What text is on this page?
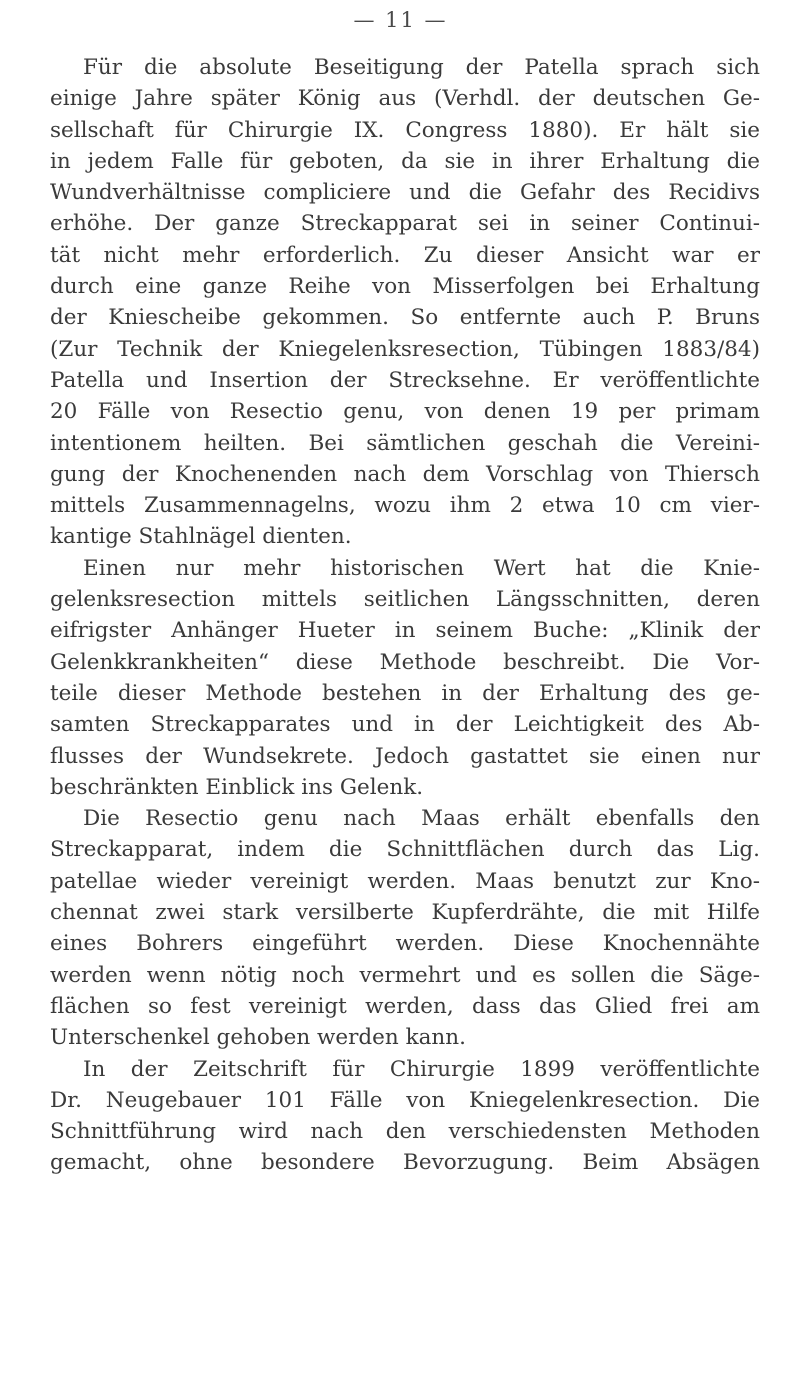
— 11 —
Für die absolute Beseitigung der Patella sprach sich
einige Jahre später König aus (Verhdl. der deutschen Ge-
sellschaft für Chirurgie IX. Congress 1880). Er hält sie
in jedem Falle für geboten, da sie in ihrer Erhaltung die
Wundverhältnisse compliciere und die Gefahr des Recidivs
erhöhe. Der ganze Streckapparat sei in seiner Continui-
tät nicht mehr erforderlich. Zu dieser Ansicht war er
durch eine ganze Reihe von Misserfolgen bei Erhaltung
der Kniescheibe gekommen. So entfernte auch P. Bruns
(Zur Technik der Kniegelenksresection, Tübingen 1883/84)
Patella und Insertion der Strecksehne. Er veröffentlichte
20 Fälle von Resectio genu, von denen 19 per primam
intentionem heilten. Bei sämtlichen geschah die Vereini-
gung der Knochenenden nach dem Vorschlag von Thiersch
mittels Zusammennagelns, wozu ihm 2 etwa 10 cm vier-
kantige Stahlnägel dienten.
Einen nur mehr historischen Wert hat die Knie-
gelenksresection mittels seitlichen Längsschnitten, deren
eifrigster Anhänger Hueter in seinem Buche: „Klinik der
Gelenkkrankheiten“ diese Methode beschreibt. Die Vor-
teile dieser Methode bestehen in der Erhaltung des ge-
samten Streckapparates und in der Leichtigkeit des Ab-
flusses der Wundsekrete. Jedoch gastattet sie einen nur
beschränkten Einblick ins Gelenk.
Die Resectio genu nach Maas erhält ebenfalls den
Streckapparat, indem die Schnittflächen durch das Lig.
patellae wieder vereinigt werden. Maas benutzt zur Kno-
chennat zwei stark versilberte Kupferdrähte, die mit Hilfe
eines Bohrers eingeführt werden. Diese Knochennähte
werden wenn nötig noch vermehrt und es sollen die Säge-
flächen so fest vereinigt werden, dass das Glied frei am
Unterschenkel gehoben werden kann.
In der Zeitschrift für Chirurgie 1899 veröffentlichte
Dr. Neugebauer 101 Fälle von Kniegelenkresection. Die
Schnittführung wird nach den verschiedensten Methoden
gemacht, ohne besondere Bevorzugung. Beim Absägen
